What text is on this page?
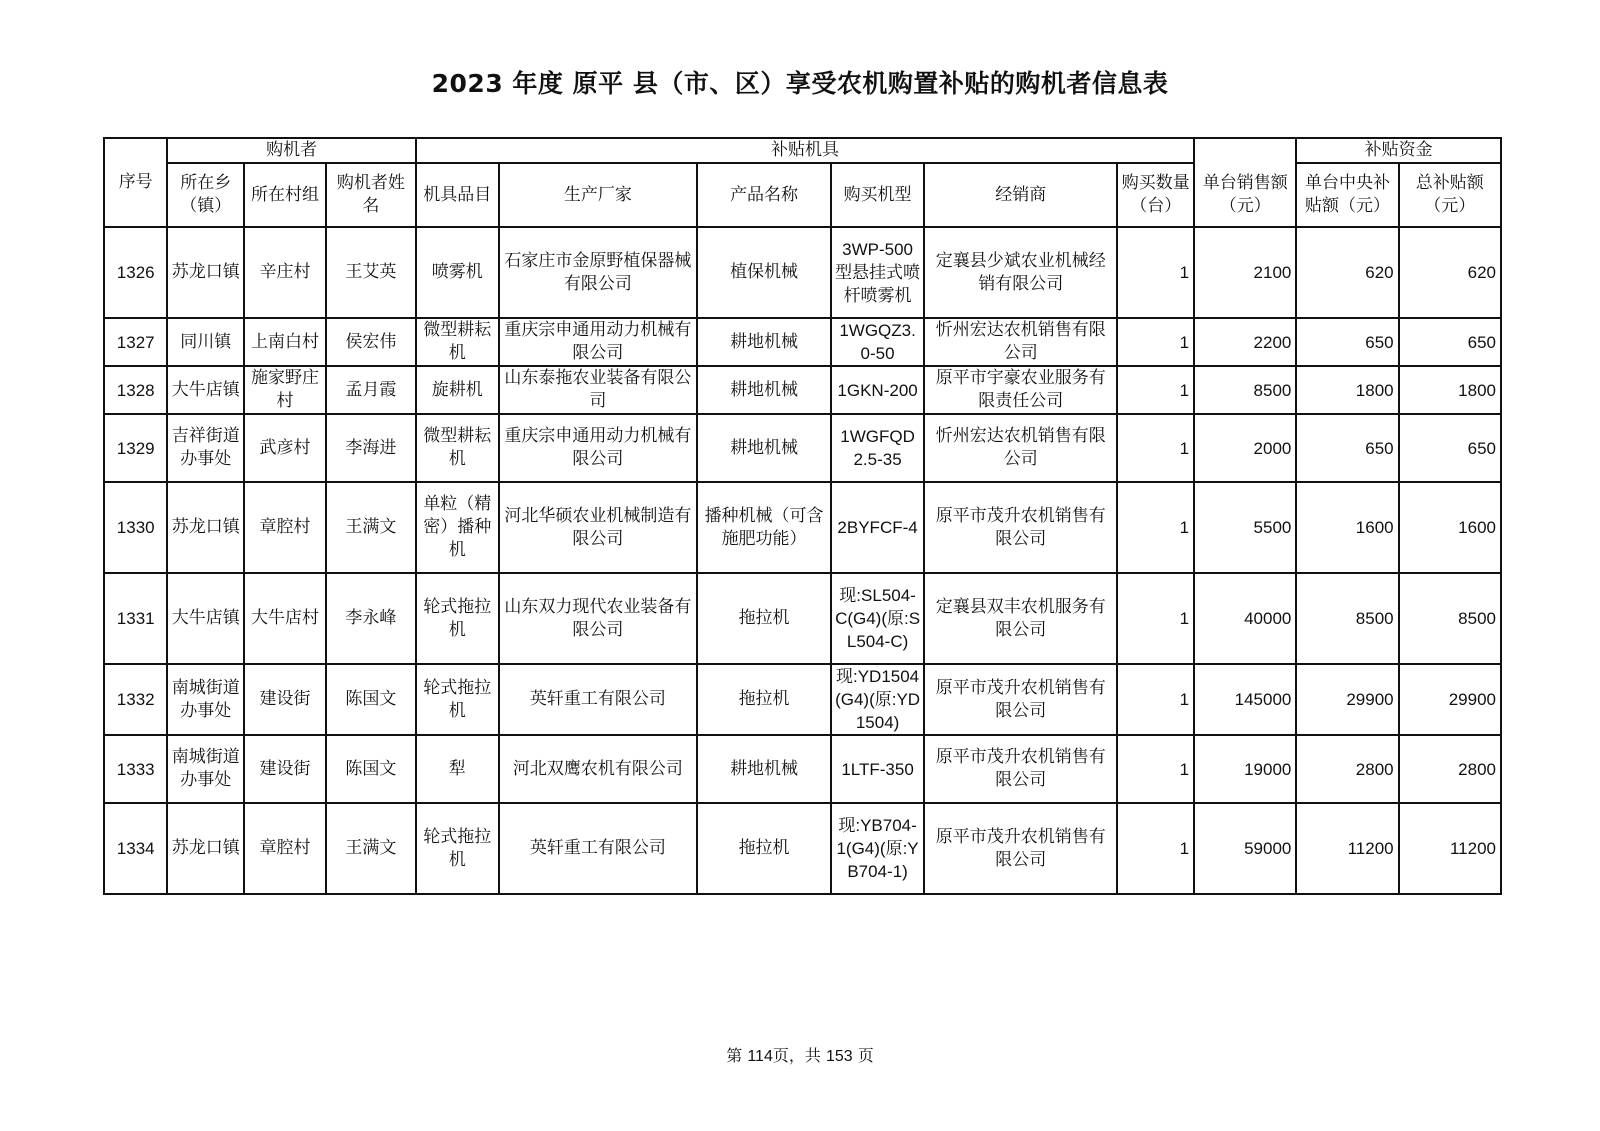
2023 年度 原平 县（市、区）享受农机购置补贴的购机者信息表
序号	购机者			补贴机具							补贴资金	
	所在乡（镇）	所在村组	购机者姓名	机具品目	生产厂家	产品名称	购买机型	经销商	购买数量（台）	单台销售额（元）	单台中央补贴额（元）	总补贴额（元）
1326	苏龙口镇	辛庄村	王艾英	喷雾机	石家庄市金原野植保器械有限公司	植保机械	3WP-500型悬挂式喷杆喷雾机	定襄县少斌农业机械经销有限公司	1	2100	620	620
1327	同川镇	上南白村	侯宏伟	微型耕耘机	重庆宗申通用动力机械有限公司	耕地机械	1WGQZ3.0-50	忻州宏达农机销售有限公司	1	2200	650	650
1328	大牛店镇	施家野庄村	孟月霞	旋耕机	山东泰拖农业装备有限公司	耕地机械	1GKN-200	原平市宇豪农业服务有限责任公司	1	8500	1800	1800
1329	吉祥街道办事处	武彦村	李海进	微型耕耘机	重庆宗申通用动力机械有限公司	耕地机械	1WGFQD2.5-35	忻州宏达农机销售有限公司	1	2000	650	650
1330	苏龙口镇	章腔村	王满文	单粒（精密）播种机	河北华硕农业机械制造有限公司	播种机械（可含施肥功能）	2BYFCF-4	原平市茂升农机销售有限公司	1	5500	1600	1600
1331	大牛店镇	大牛店村	李永峰	轮式拖拉机	山东双力现代农业装备有限公司	拖拉机	现:SL504-C(G4)(原:SL504-C)	定襄县双丰农机服务有限公司	1	40000	8500	8500
1332	南城街道办事处	建设街	陈国文	轮式拖拉机	英轩重工有限公司	拖拉机	现:YD1504(G4)(原:YD1504)	原平市茂升农机销售有限公司	1	145000	29900	29900
1333	南城街道办事处	建设街	陈国文	犁	河北双鹰农机有限公司	耕地机械	1LTF-350	原平市茂升农机销售有限公司	1	19000	2800	2800
1334	苏龙口镇	章腔村	王满文	轮式拖拉机	英轩重工有限公司	拖拉机	现:YB704-1(G4)(原:YB704-1)	原平市茂升农机销售有限公司	1	59000	11200	11200
第 114页，共 153 页
